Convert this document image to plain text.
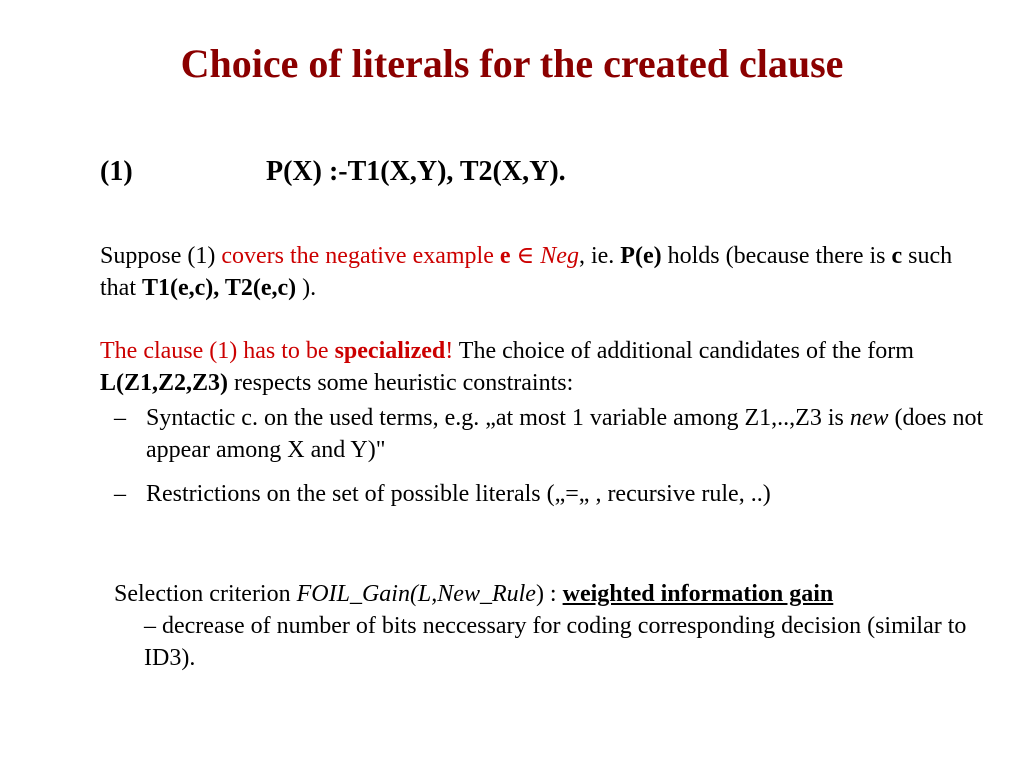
Choice of literals for the created clause
(1)	P(X) :-T1(X,Y), T2(X,Y).
Suppose (1) covers the negative example e ∈ Neg, ie. P(e) holds (because there is c such that T1(e,c), T2(e,c) ).
The clause (1) has to be specialized! The choice of additional candidates of the form L(Z1,Z2,Z3) respects some heuristic constraints:
– Syntactic c. on the used terms, e.g. „at most 1 variable among Z1,..,Z3 is new (does not appear among X and Y)"
– Restrictions on the set of possible literals („=„ , recursive rule, ..)
Selection criterion FOIL_Gain(L,New_Rule) : weighted information gain
– decrease of number of bits neccessary for coding corresponding decision (similar to ID3).
